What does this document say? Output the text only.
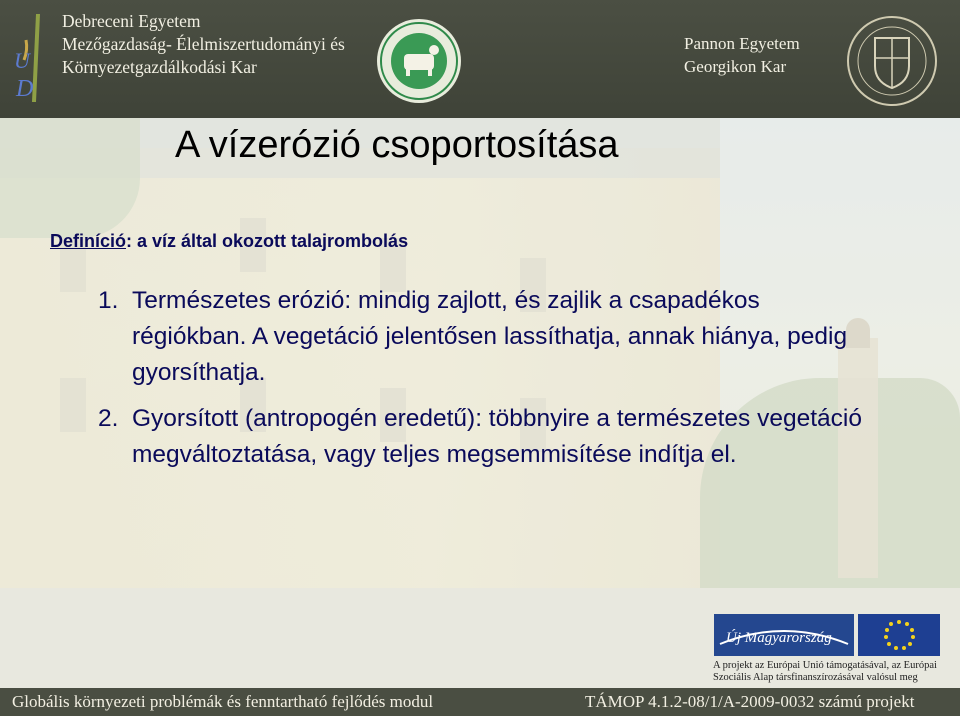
U
D
Debreceni Egyetem
Mezőgazdaság- Élelmiszertudományi és
Környezetgazdálkodási Kar
Pannon Egyetem
Georgikon Kar
A vízerózió csoportosítása
Definíció: a víz által okozott talajrombolás
1. Természetes erózió: mindig zajlott, és zajlik a csapadékos régiókban. A vegetáció jelentősen lassíthatja, annak hiánya, pedig gyorsíthatja.
2. Gyorsított (antropogén eredetű): többnyire a természetes vegetáció megváltoztatása, vagy teljes megsemmisítése indítja el.
Új Magyarország
A projekt az Európai Unió támogatásával, az Európai
Szociális Alap társfinanszírozásával valósul meg
Globális környezeti problémák és fenntartható fejlődés modul	TÁMOP 4.1.2-08/1/A-2009-0032 számú projekt
